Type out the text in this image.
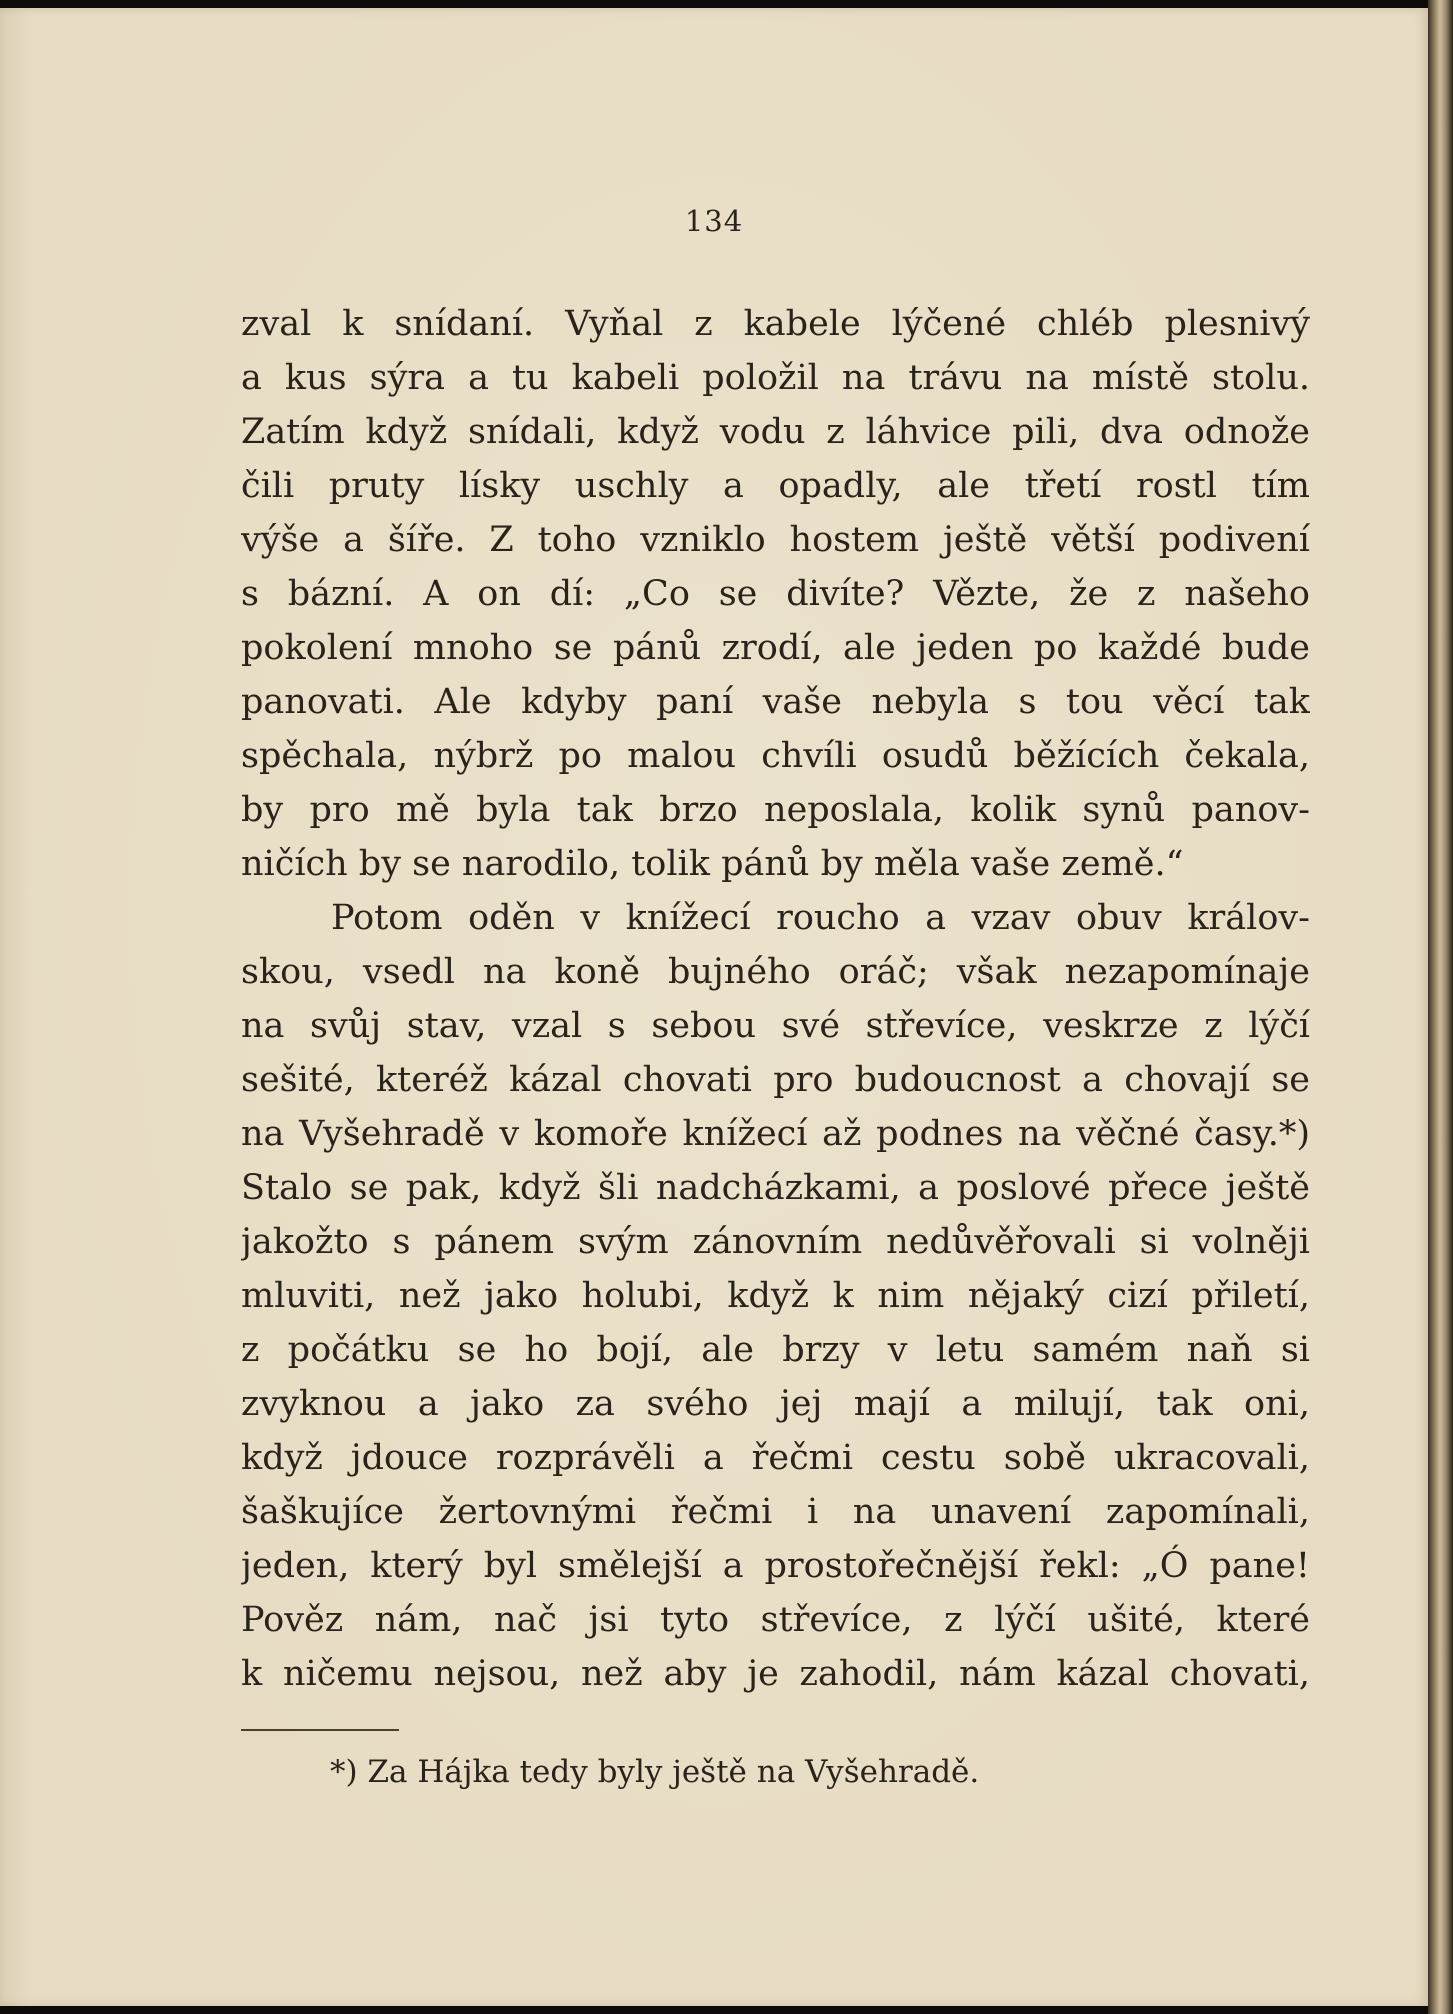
134
zval k snídaní. Vyňal z kabele lýčené chléb plesnivý
a kus sýra a tu kabeli položil na trávu na místě stolu.
Zatím když snídali, když vodu z láhvice pili, dva odnože
čili pruty lísky uschly a opadly, ale třetí rostl tím
výše a šíře. Z toho vzniklo hostem ještě větší podivení
s bázní. A on dí: „Co se divíte? Vězte, že z našeho
pokolení mnoho se pánů zrodí, ale jeden po každé bude
panovati. Ale kdyby paní vaše nebyla s tou věcí tak
spěchala, nýbrž po malou chvíli osudů běžících čekala,
by pro mě byla tak brzo neposlala, kolik synů panov-
ničích by se narodilo, tolik pánů by měla vaše země.“
Potom oděn v knížecí roucho a vzav obuv králov-
skou, vsedl na koně bujného oráč; však nezapomínaje
na svůj stav, vzal s sebou své střevíce, veskrze z lýčí
sešité, kteréž kázal chovati pro budoucnost a chovají se
na Vyšehradě v komoře knížecí až podnes na věčné časy.*)
Stalo se pak, když šli nadcházkami, a poslové přece ještě
jakožto s pánem svým zánovním nedůvěřovali si volněji
mluviti, než jako holubi, když k nim nějaký cizí přiletí,
z počátku se ho bojí, ale brzy v letu samém naň si
zvyknou a jako za svého jej mají a milují, tak oni,
když jdouce rozprávěli a řečmi cestu sobě ukracovali,
šaškujíce žertovnými řečmi i na unavení zapomínali,
jeden, který byl smělejší a prostořečnější řekl: „Ó pane!
Pověz nám, nač jsi tyto střevíce, z lýčí ušité, které
k ničemu nejsou, než aby je zahodil, nám kázal chovati,
*) Za Hájka tedy byly ještě na Vyšehradě.
